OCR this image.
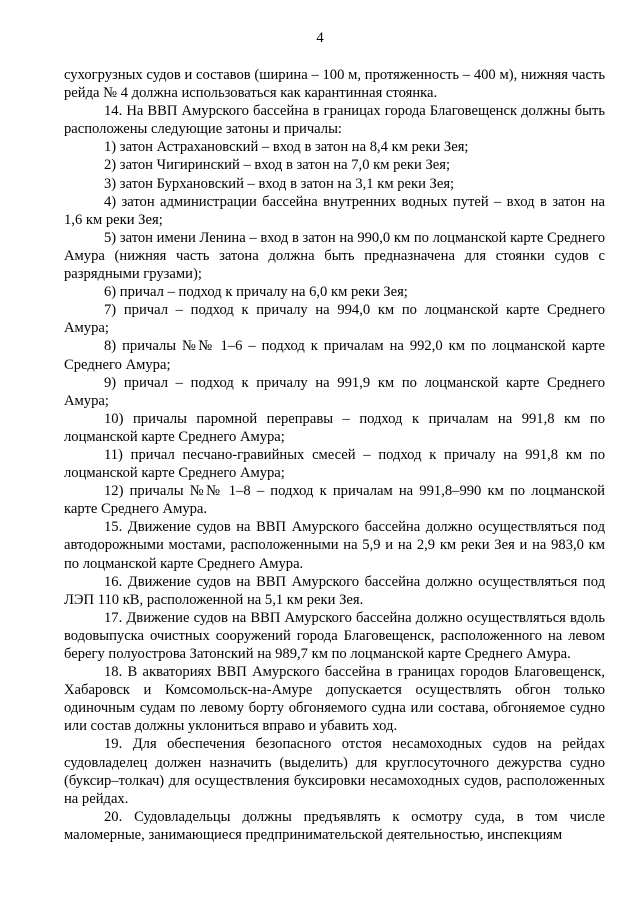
4

сухогрузных судов и составов (ширина – 100 м, протяженность – 400 м), нижняя часть рейда № 4 должна использоваться как карантинная стоянка.

14. На ВВП Амурского бассейна в границах города Благовещенск должны быть расположены следующие затоны и причалы:

1) затон Астрахановский – вход в затон на 8,4 км реки Зея;

2) затон Чигиринский – вход в затон на 7,0 км реки Зея;

3) затон Бурхановский – вход в затон на 3,1 км реки Зея;

4) затон администрации бассейна внутренних водных путей – вход в затон на 1,6 км реки Зея;

5) затон имени Ленина – вход в затон на 990,0 км по лоцманской карте Среднего Амура (нижняя часть затона должна быть предназначена для стоянки судов с разрядными грузами);

6) причал – подход к причалу на 6,0 км реки Зея;

7) причал – подход к причалу на 994,0 км по лоцманской карте Среднего Амура;

8) причалы №№ 1–6 – подход к причалам на 992,0 км по лоцманской карте Среднего Амура;

9) причал – подход к причалу на 991,9 км по лоцманской карте Среднего Амура;

10) причалы паромной переправы – подход к причалам на 991,8 км по лоцманской карте Среднего Амура;

11) причал песчано-гравийных смесей – подход к причалу на 991,8 км по лоцманской карте Среднего Амура;

12) причалы №№ 1–8 – подход к причалам на 991,8–990 км по лоцманской карте Среднего Амура.

15. Движение судов на ВВП Амурского бассейна должно осуществляться под автодорожными мостами, расположенными на 5,9 и на 2,9 км реки Зея и на 983,0 км по лоцманской карте Среднего Амура.

16. Движение судов на ВВП Амурского бассейна должно осуществляться под ЛЭП 110 кВ, расположенной на 5,1 км реки Зея.

17. Движение судов на ВВП Амурского бассейна должно осуществляться вдоль водовыпуска очистных сооружений города Благовещенск, расположенного на левом берегу полуострова Затонский на 989,7 км по лоцманской карте Среднего Амура.

18. В акваториях ВВП Амурского бассейна в границах городов Благовещенск, Хабаровск и Комсомольск-на-Амуре допускается осуществлять обгон только одиночным судам по левому борту обгоняемого судна или состава, обгоняемое судно или состав должны уклониться вправо и убавить ход.

19. Для обеспечения безопасного отстоя несамоходных судов на рейдах судовладелец должен назначить (выделить) для круглосуточного дежурства судно (буксир–толкач) для осуществления буксировки несамоходных судов, расположенных на рейдах.

20. Судовладельцы должны предъявлять к осмотру суда, в том числе маломерные, занимающиеся предпринимательской деятельностью, инспекциям
